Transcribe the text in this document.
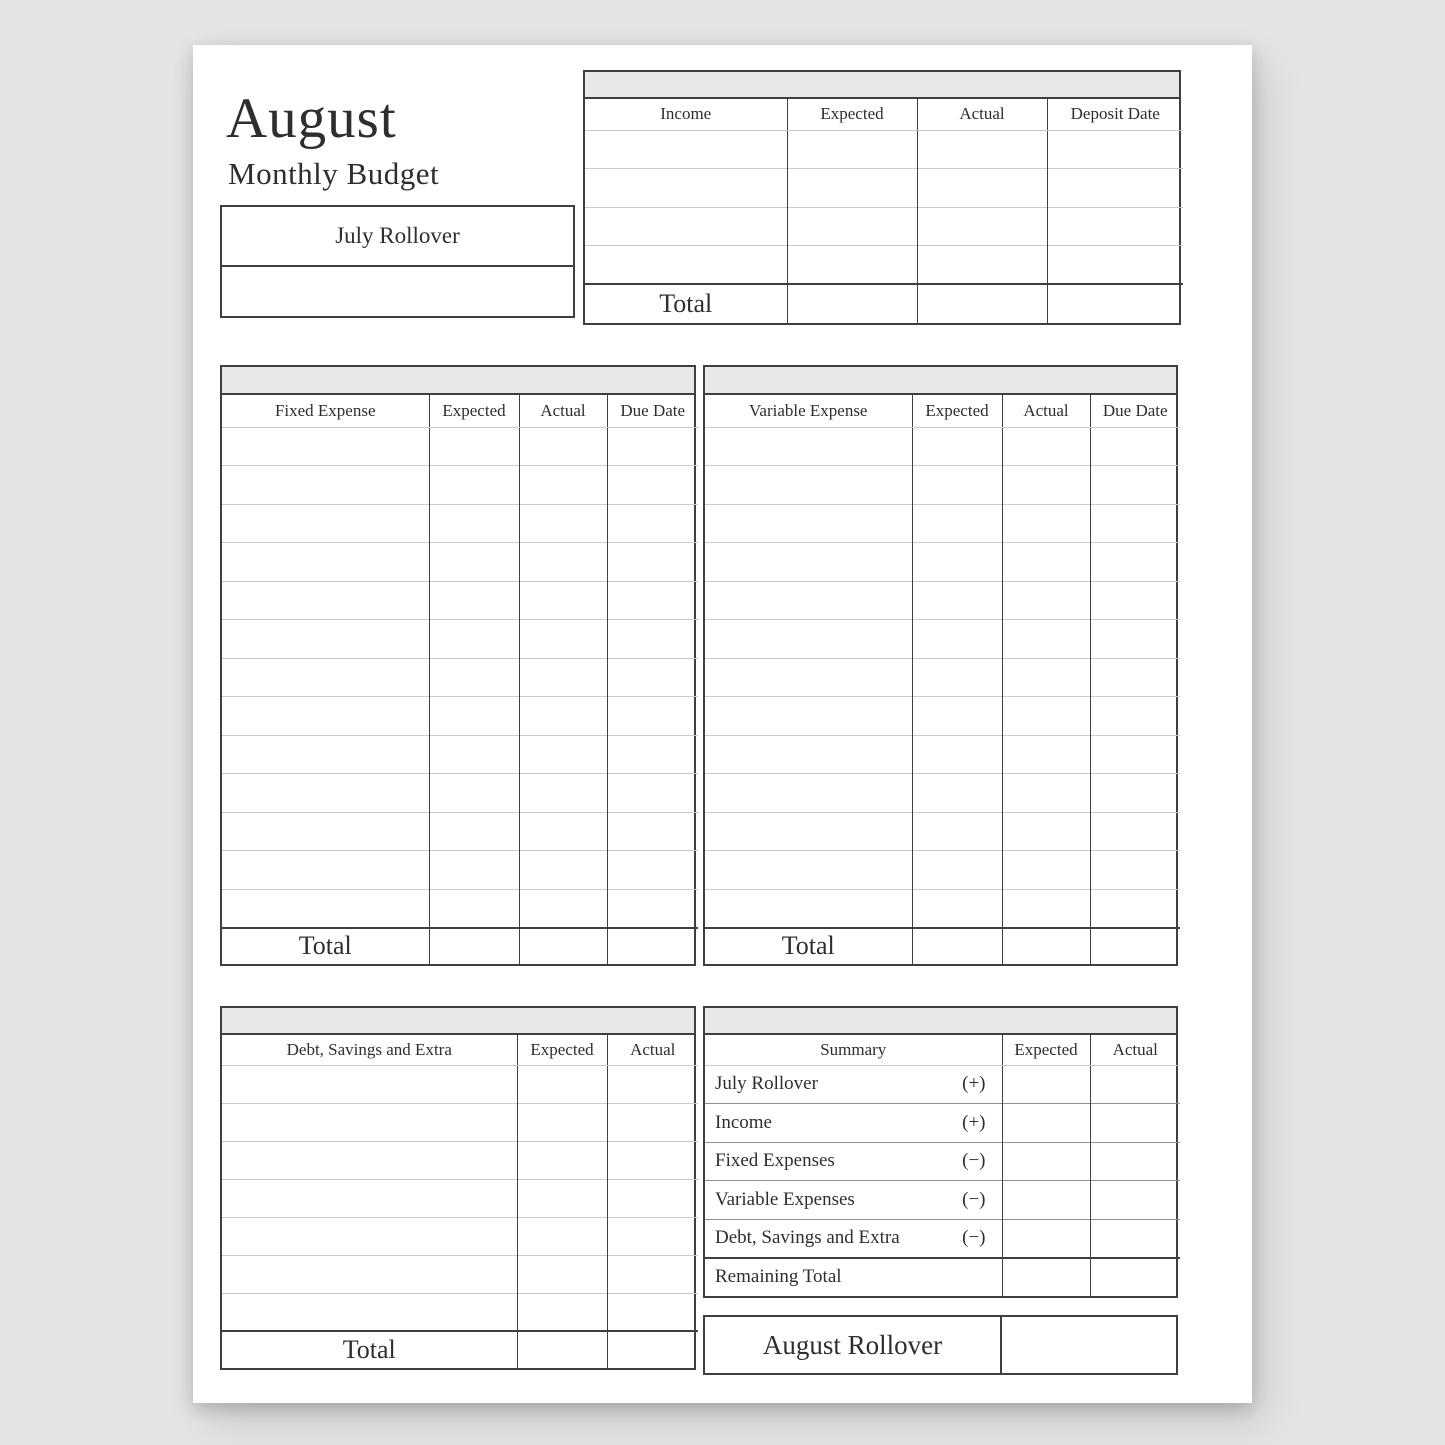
August
Monthly Budget
July Rollover
Income	Expected	Actual	Deposit Date

Total			
Fixed Expense	Expected	Actual	Due Date

Total			
Variable Expense	Expected	Actual	Due Date

Total			
Debt, Savings and Extra	Expected	Actual

Total		
Summary	Expected	Actual

July Rollover (+)		

Income (+)		

Fixed Expenses (−)		

Variable Expenses (−)		

Debt, Savings and Extra (−)		

Remaining Total		

August Rollover
